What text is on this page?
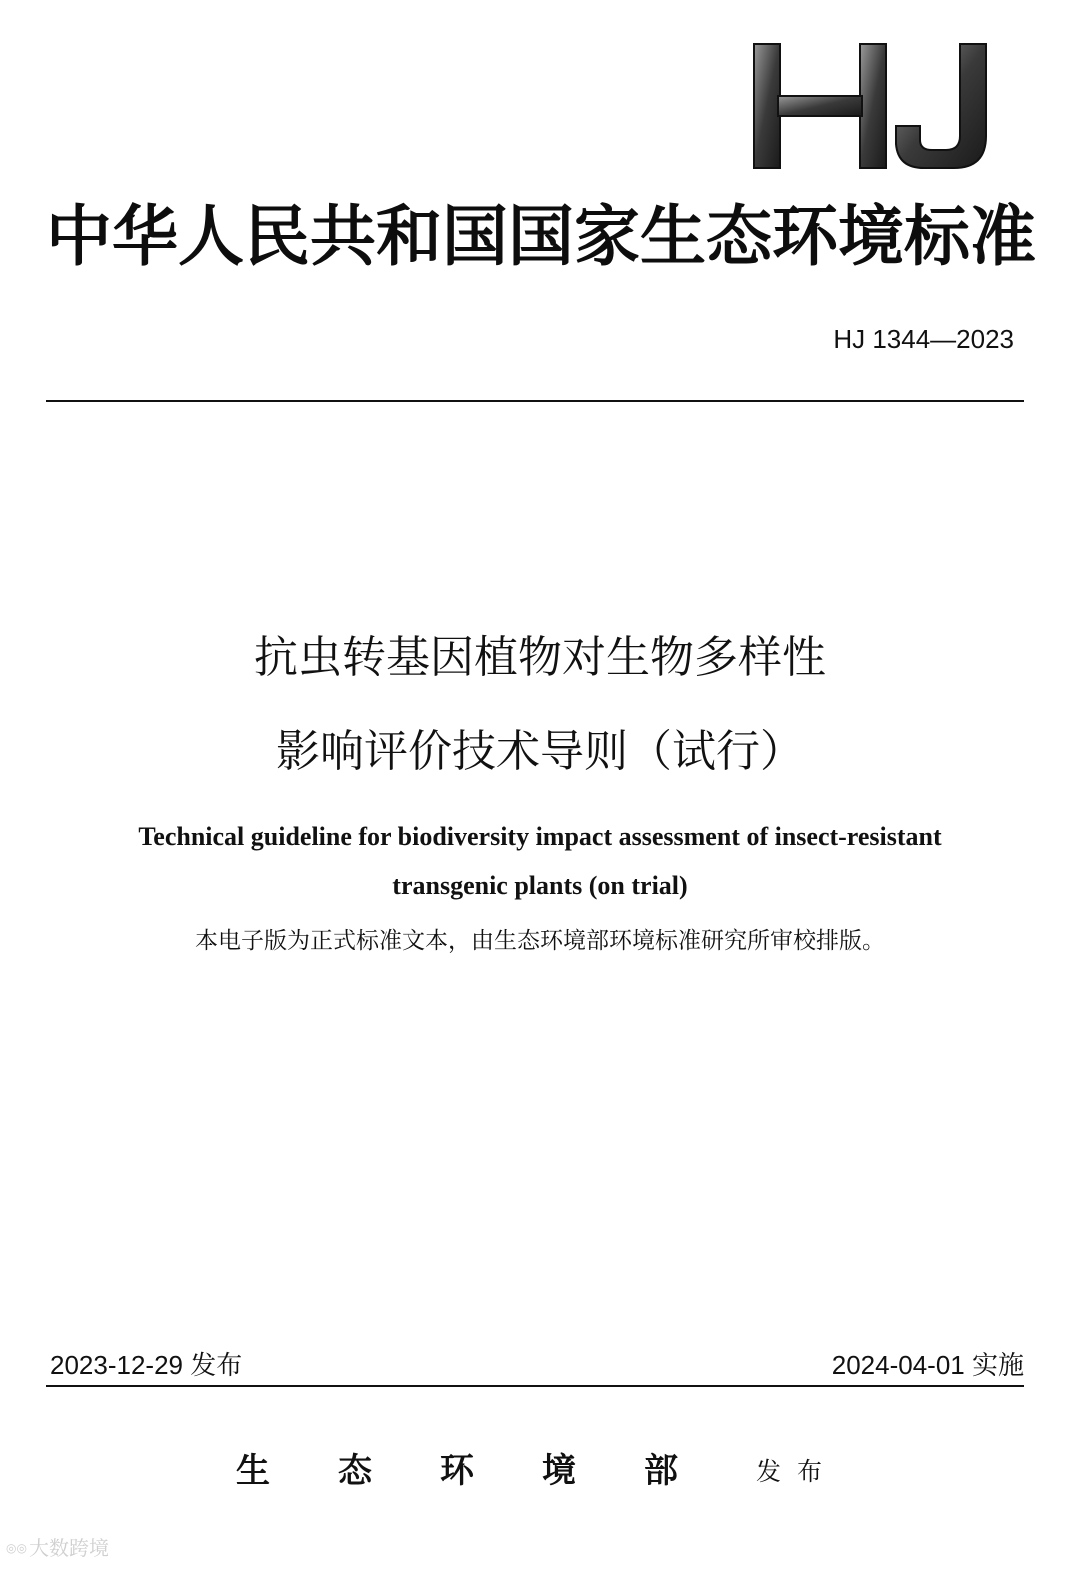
中华人民共和国国家生态环境标准
HJ 1344—2023
抗虫转基因植物对生物多样性
影响评价技术导则（试行）
Technical guideline for biodiversity impact assessment of insect-resistant
transgenic plants (on trial)
本电子版为正式标准文本，由生态环境部环境标准研究所审校排版。
2023-12-29 发布	2024-04-01 实施
生态环境部 发布
◎◎ 大数跨境
